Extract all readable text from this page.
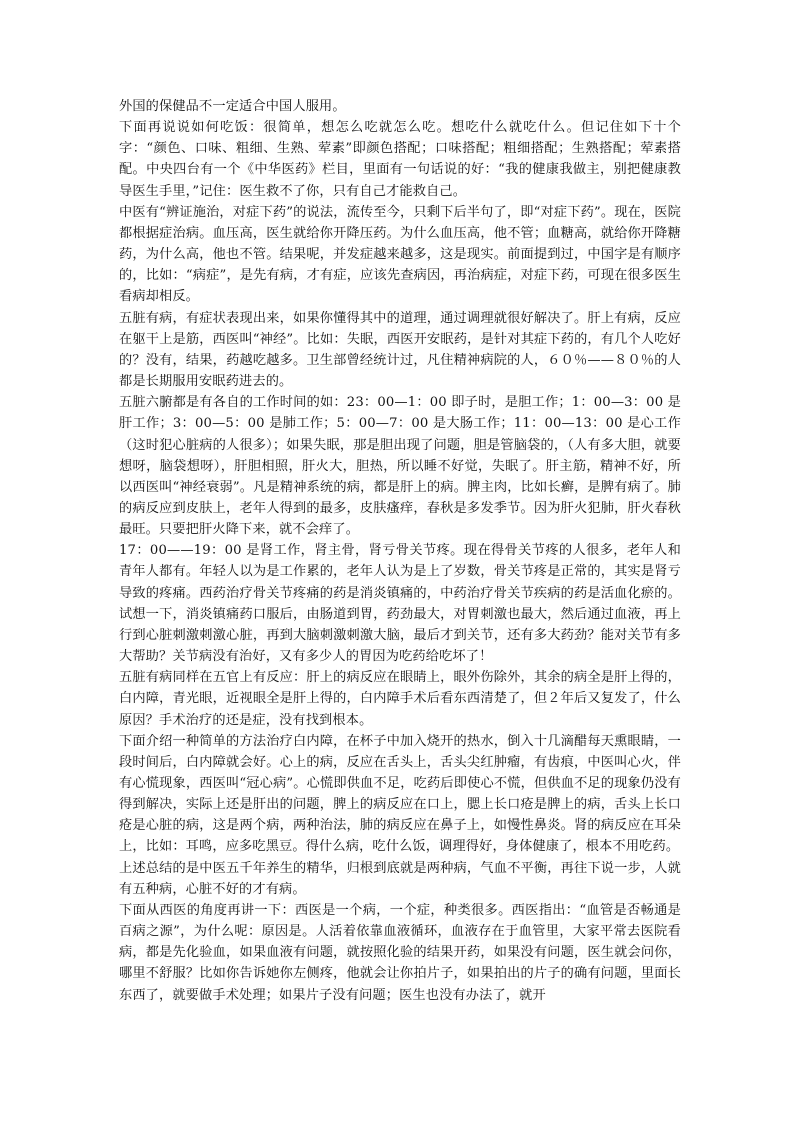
外国的保健品不一定适合中国人服用。

下面再说说如何吃饭：很简单，想怎么吃就怎么吃。想吃什么就吃什么。但记住如下十个字：“颜色、口味、粗细、生熟、荤素”即颜色搭配；口味搭配；粗细搭配；生熟搭配；荤素搭配。中央四台有一个《中华医药》栏目，里面有一句话说的好：“我的健康我做主，别把健康教导医生手里，”记住：医生救不了你，只有自己才能救自己。

中医有“辨证施治，对症下药”的说法，流传至今，只剩下后半句了，即“对症下药”。现在，医院都根据症治病。血压高，医生就给你开降压药。为什么血压高，他不管；血糖高，就给你开降糖药，为什么高，他也不管。结果呢，并发症越来越多，这是现实。前面提到过，中国字是有顺序的，比如：“病症”，是先有病，才有症，应该先查病因，再治病症，对症下药，可现在很多医生看病却相反。

五脏有病，有症状表现出来，如果你懂得其中的道理，通过调理就很好解决了。肝上有病，反应在躯干上是筋，西医叫“神经”。比如：失眠，西医开安眠药，是针对其症下药的，有几个人吃好的？没有，结果，药越吃越多。卫生部曾经统计过，凡住精神病院的人，６０％——８０％的人都是长期服用安眠药进去的。

五脏六腑都是有各自的工作时间的如：23：00—1：00 即子时，是胆工作；1：00—3：00 是肝工作；3：00—5：00 是肺工作；5：00—7：00 是大肠工作；11：00—13：00 是心工作（这时犯心脏病的人很多）；如果失眠，那是胆出现了问题，胆是管脑袋的，（人有多大胆，就要想呀，脑袋想呀），肝胆相照，肝火大，胆热，所以睡不好觉，失眠了。肝主筋，精神不好，所以西医叫“神经衰弱”。凡是精神系统的病，都是肝上的病。脾主肉，比如长癣，是脾有病了。肺的病反应到皮肤上，老年人得到的最多，皮肤瘙痒，春秋是多发季节。因为肝火犯肺，肝火春秋最旺。只要把肝火降下来，就不会痒了。

17：00——19：00 是肾工作，肾主骨，肾亏骨关节疼。现在得骨关节疼的人很多，老年人和青年人都有。年轻人以为是工作累的，老年人认为是上了岁数，骨关节疼是正常的，其实是肾亏导致的疼痛。西药治疗骨关节疼痛的药是消炎镇痛的，中药治疗骨关节疾病的药是活血化瘀的。试想一下，消炎镇痛药口服后，由肠道到胃，药劲最大，对胃刺激也最大，然后通过血液，再上行到心脏刺激刺激心脏，再到大脑刺激刺激大脑，最后才到关节，还有多大药劲？能对关节有多大帮助？关节病没有治好，又有多少人的胃因为吃药给吃坏了！

五脏有病同样在五官上有反应：肝上的病反应在眼睛上，眼外伤除外，其余的病全是肝上得的，白内障，青光眼，近视眼全是肝上得的，白内障手术后看东西清楚了，但２年后又复发了，什么原因？手术治疗的还是症，没有找到根本。

下面介绍一种简单的方法治疗白内障，在杯子中加入烧开的热水，倒入十几滴醋每天熏眼睛，一段时间后，白内障就会好。心上的病，反应在舌头上，舌头尖红肿瘤，有齿痕，中医叫心火，伴有心慌现象，西医叫“冠心病”。心慌即供血不足，吃药后即使心不慌，但供血不足的现象仍没有得到解决，实际上还是肝出的问题，脾上的病反应在口上，腮上长口疮是脾上的病，舌头上长口疮是心脏的病，这是两个病，两种治法，肺的病反应在鼻子上，如慢性鼻炎。肾的病反应在耳朵上，比如：耳鸣，应多吃黑豆。得什么病，吃什么饭，调理得好，身体健康了，根本不用吃药。

上述总结的是中医五千年养生的精华，归根到底就是两种病，气血不平衡，再往下说一步，人就有五种病，心脏不好的才有病。

下面从西医的角度再讲一下：西医是一个病，一个症，种类很多。西医指出：“血管是否畅通是百病之源”，为什么呢：原因是。人活着依靠血液循环，血液存在于血管里，大家平常去医院看病，都是先化验血，如果血液有问题，就按照化验的结果开药，如果没有问题，医生就会问你，哪里不舒服？比如你告诉她你左侧疼，他就会让你拍片子，如果拍出的片子的确有问题，里面长东西了，就要做手术处理；如果片子没有问题；医生也没有办法了，就开
